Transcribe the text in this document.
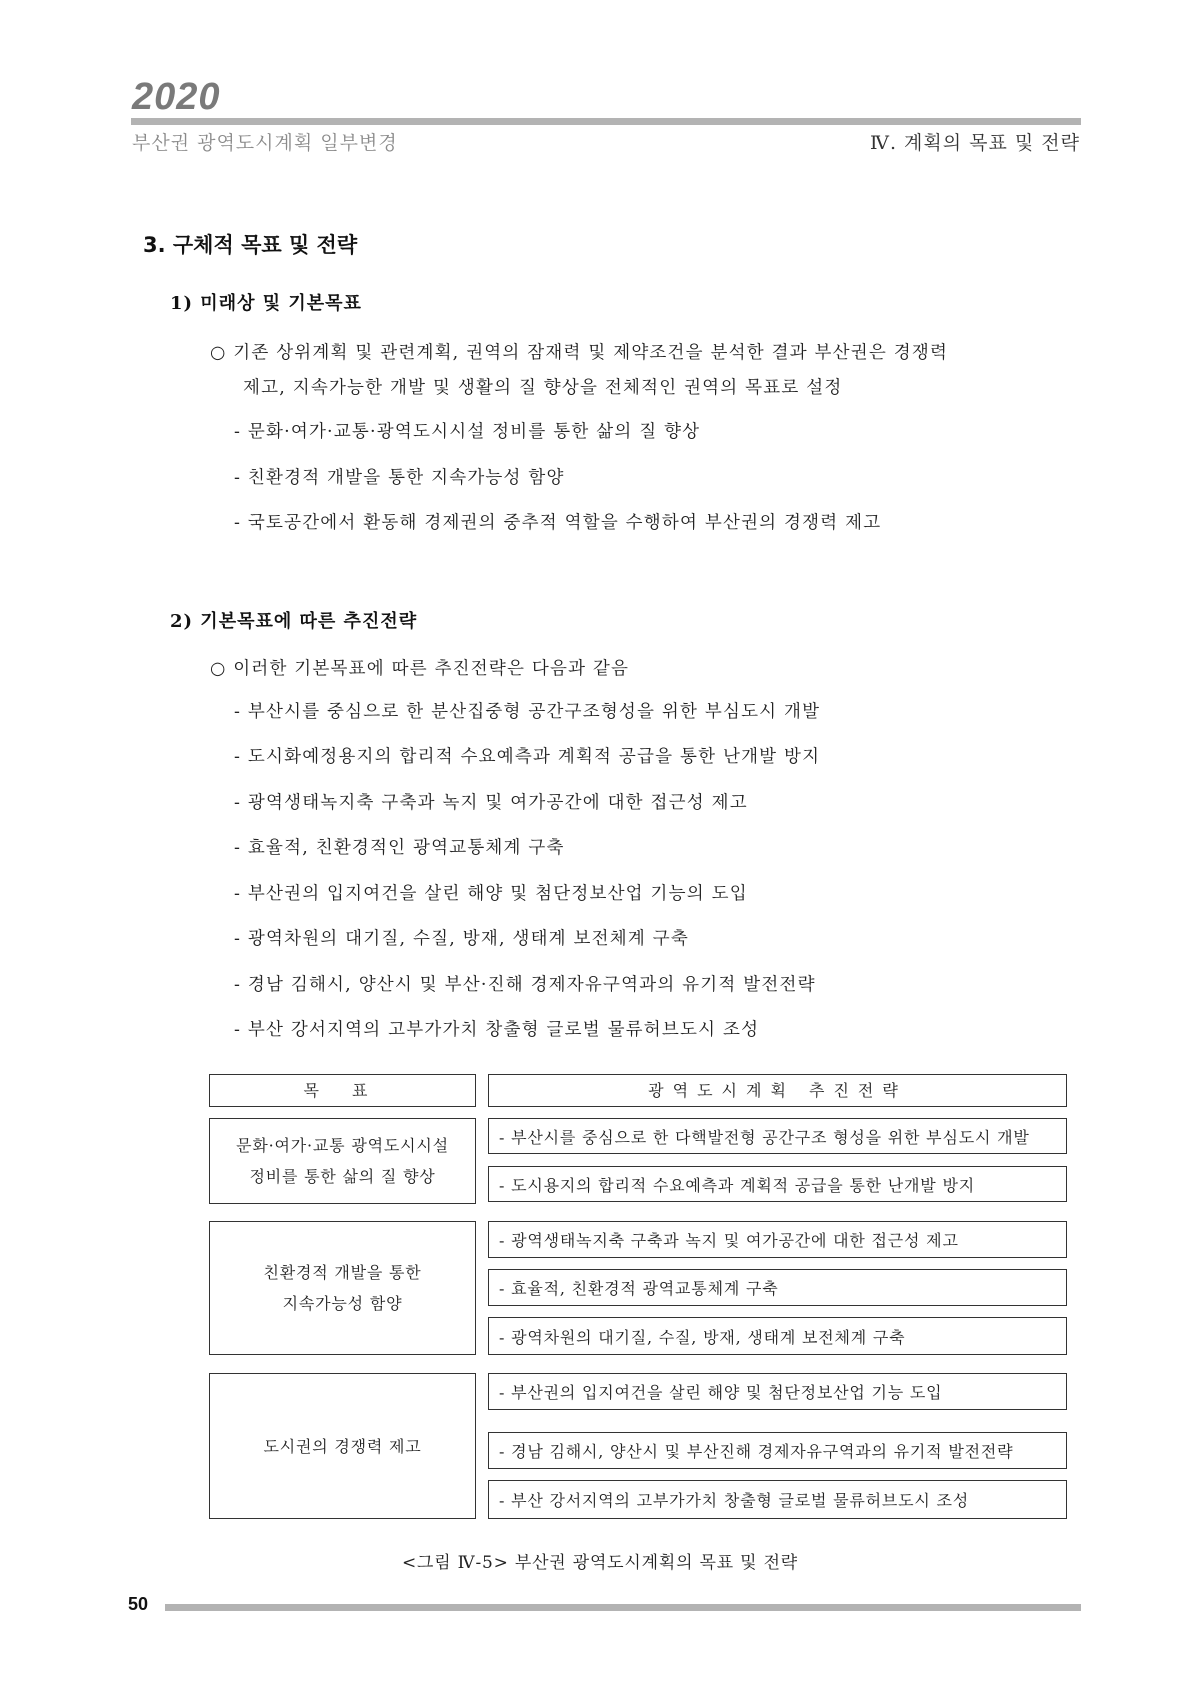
2020
부산권 광역도시계획 일부변경	Ⅳ. 계획의 목표 및 전략
3. 구체적 목표 및 전략
1) 미래상 및 기본목표
○ 기존 상위계획 및 관련계획, 권역의 잠재력 및 제약조건을 분석한 결과 부산권은 경쟁력
제고, 지속가능한 개발 및 생활의 질 향상을 전체적인 권역의 목표로 설정
- 문화·여가·교통·광역도시시설 정비를 통한 삶의 질 향상
- 친환경적 개발을 통한 지속가능성 함양
- 국토공간에서 환동해 경제권의 중추적 역할을 수행하여 부산권의 경쟁력 제고
2) 기본목표에 따른 추진전략
○ 이러한 기본목표에 따른 추진전략은 다음과 같음
- 부산시를 중심으로 한 분산집중형 공간구조형성을 위한 부심도시 개발
- 도시화예정용지의 합리적 수요예측과 계획적 공급을 통한 난개발 방지
- 광역생태녹지축 구축과 녹지 및 여가공간에 대한 접근성 제고
- 효율적, 친환경적인 광역교통체계 구축
- 부산권의 입지여건을 살린 해양 및 첨단정보산업 기능의 도입
- 광역차원의 대기질, 수질, 방재, 생태계 보전체계 구축
- 경남 김해시, 양산시 및 부산·진해 경제자유구역과의 유기적 발전전략
- 부산 강서지역의 고부가가치 창출형 글로벌 물류허브도시 조성
목 표	광역도시계획 추진전략
문화·여가·교통 광역도시시설
정비를 통한 삶의 질 향상
- 부산시를 중심으로 한 다핵발전형 공간구조 형성을 위한 부심도시 개발
- 도시용지의 합리적 수요예측과 계획적 공급을 통한 난개발 방지
친환경적 개발을 통한
지속가능성 함양
- 광역생태녹지축 구축과 녹지 및 여가공간에 대한 접근성 제고
- 효율적, 친환경적 광역교통체계 구축
- 광역차원의 대기질, 수질, 방재, 생태계 보전체계 구축
도시권의 경쟁력 제고
- 부산권의 입지여건을 살린 해양 및 첨단정보산업 기능 도입
- 경남 김해시, 양산시 및 부산진해 경제자유구역과의 유기적 발전전략
- 부산 강서지역의 고부가가치 창출형 글로벌 물류허브도시 조성
<그림 Ⅳ-5> 부산권 광역도시계획의 목표 및 전략
50
